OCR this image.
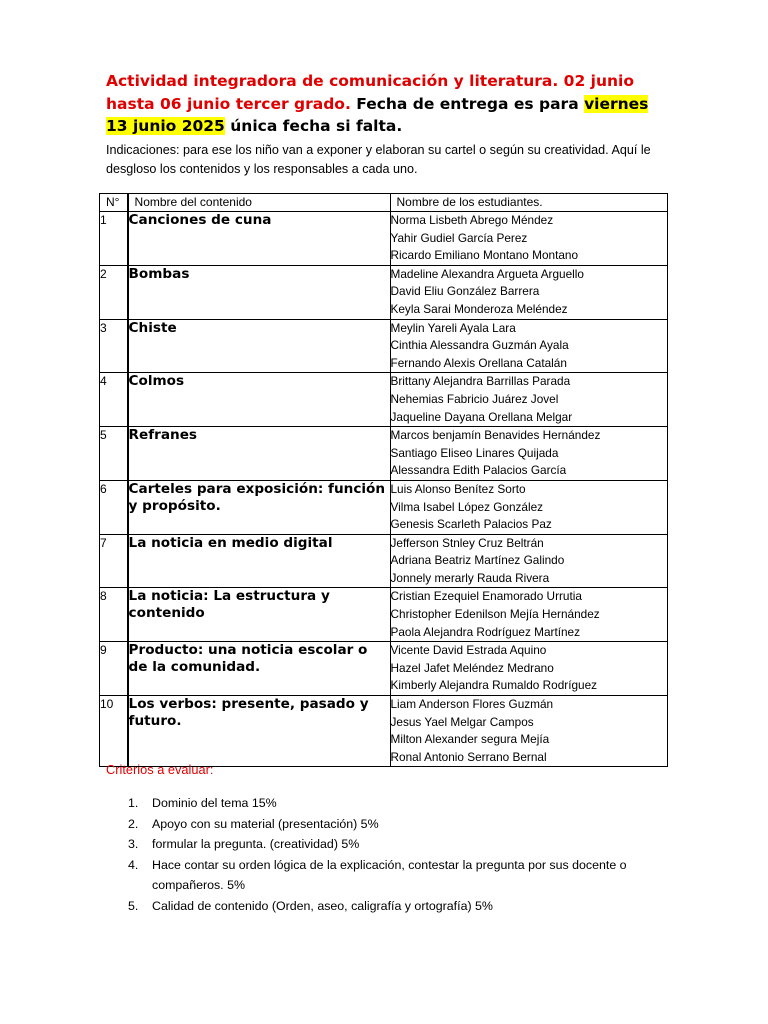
Actividad integradora de comunicación y literatura. 02 junio hasta 06 junio tercer grado. Fecha de entrega es para viernes 13 junio 2025 única fecha si falta.
Indicaciones: para ese los niño van a exponer y elaboran su cartel o según su creatividad. Aquí le desgloso los contenidos y los responsables a cada uno.
N°	Nombre del contenido	Nombre de los estudiantes.
1	Canciones de cuna	Norma Lisbeth Abrego Méndez
Yahir Gudiel García Perez
Ricardo Emiliano Montano Montano

2	Bombas	Madeline Alexandra Argueta Arguello
David Eliu González Barrera
Keyla Sarai Monderoza Meléndez

3	Chiste	Meylin Yareli Ayala Lara
Cinthia Alessandra Guzmán Ayala
Fernando Alexis Orellana Catalán

4	Colmos	Brittany Alejandra Barrillas Parada
Nehemias Fabricio Juárez Jovel
Jaqueline Dayana Orellana Melgar

5	Refranes	Marcos benjamín Benavides Hernández
Santiago Eliseo Linares Quijada
Alessandra Edith Palacios García

6	Carteles para exposición: función y propósito.	Luis Alonso Benítez Sorto
Vilma Isabel López González
Genesis Scarleth Palacios Paz

7	La noticia en medio digital	Jefferson Stnley Cruz Beltrán
Adriana Beatriz Martínez Galindo
Jonnely merarly Rauda Rivera

8	La noticia: La estructura y contenido	Cristian Ezequiel Enamorado Urrutia
Christopher Edenilson Mejía Hernández
Paola Alejandra Rodríguez Martínez

9	Producto: una noticia escolar o de la comunidad.	Vicente David Estrada Aquino
Hazel Jafet Meléndez Medrano
Kimberly Alejandra Rumaldo Rodríguez

10	Los verbos: presente, pasado y futuro.	Liam Anderson Flores Guzmán
Jesus Yael Melgar Campos
Milton Alexander segura Mejía
Ronal Antonio Serrano Bernal
Criterios a evaluar:
1. Dominio del tema 15%
2. Apoyo con su material (presentación) 5%
3. formular la pregunta. (creatividad) 5%
4. Hace contar su orden lógica de la explicación, contestar la pregunta por sus docente o compañeros. 5%
5. Calidad de contenido (Orden, aseo, caligrafía y ortografía) 5%
